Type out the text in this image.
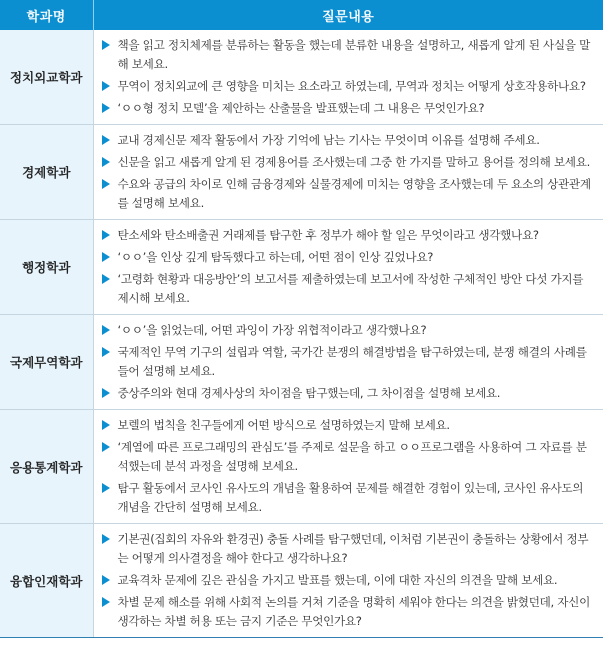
학과명	질문내용
정치외교학과	책을 읽고 정치체제를 분류하는 활동을 했는데 분류한 내용을 설명하고, 새롭게 알게 된 사실을 말해 보세요.
무역이 정치외교에 큰 영향을 미치는 요소라고 하였는데, 무역과 정치는 어떻게 상호작용하나요?
‘ㅇㅇ형 정치 모델’을 제안하는 산출물을 발표했는데 그 내용은 무엇인가요?

경제학과	교내 경제신문 제작 활동에서 가장 기억에 남는 기사는 무엇이며 이유를 설명해 주세요.
신문을 읽고 새롭게 알게 된 경제용어를 조사했는데 그중 한 가지를 말하고 용어를 정의해 보세요.
수요와 공급의 차이로 인해 금융경제와 실물경제에 미치는 영향을 조사했는데 두 요소의 상관관계를 설명해 보세요.

행정학과	탄소세와 탄소배출권 거래제를 탐구한 후 정부가 해야 할 일은 무엇이라고 생각했나요?
‘ㅇㅇ’을 인상 깊게 탐독했다고 하는데, 어떤 점이 인상 깊었나요?
‘고령화 현황과 대응방안’의 보고서를 제출하였는데 보고서에 작성한 구체적인 방안 다섯 가지를 제시해 보세요.

국제무역학과	‘ㅇㅇ’을 읽었는데, 어떤 과잉이 가장 위협적이라고 생각했나요?
국제적인 무역 기구의 설립과 역할, 국가간 분쟁의 해결방법을 탐구하였는데, 분쟁 해결의 사례를 들어 설명해 보세요.
중상주의와 현대 경제사상의 차이점을 탐구했는데, 그 차이점을 설명해 보세요.

응용통계학과	보렐의 법칙을 친구들에게 어떤 방식으로 설명하였는지 말해 보세요.
‘계열에 따른 프로그래밍의 관심도’를 주제로 설문을 하고 ㅇㅇ프로그램을 사용하여 그 자료를 분석했는데 분석 과정을 설명해 보세요.
탐구 활동에서 코사인 유사도의 개념을 활용하여 문제를 해결한 경험이 있는데, 코사인 유사도의 개념을 간단히 설명해 보세요.

융합인재학과	기본권(집회의 자유와 환경권) 충돌 사례를 탐구했던데, 이처럼 기본권이 충돌하는 상황에서 정부는 어떻게 의사결정을 해야 한다고 생각하나요?
교육격차 문제에 깊은 관심을 가지고 발표를 했는데, 이에 대한 자신의 의견을 말해 보세요.
차별 문제 해소를 위해 사회적 논의를 거쳐 기준을 명확히 세워야 한다는 의견을 밝혔던데, 자신이 생각하는 차별 허용 또는 금지 기준은 무엇인가요?
